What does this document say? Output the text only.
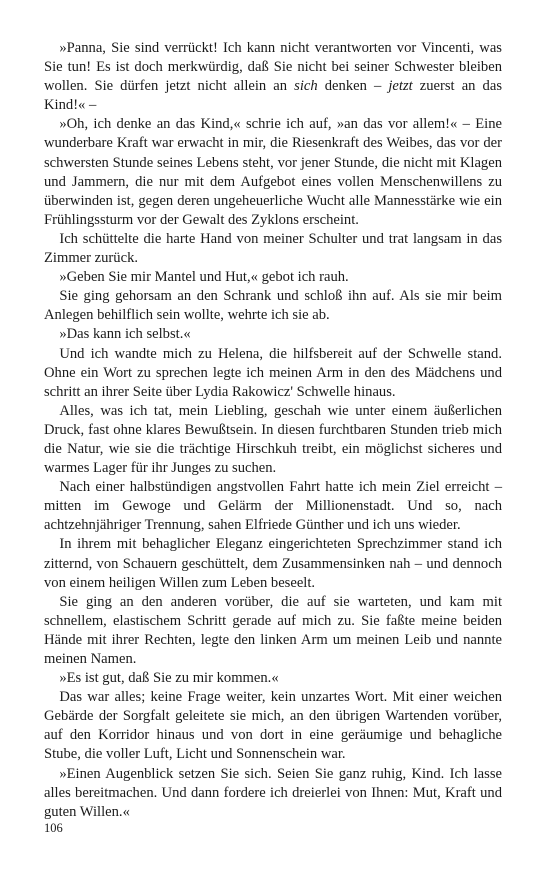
»Panna, Sie sind verrückt! Ich kann nicht verantworten vor Vincenti, was Sie tun! Es ist doch merkwürdig, daß Sie nicht bei seiner Schwester bleiben wollen. Sie dürfen jetzt nicht allein an sich denken – jetzt zuerst an das Kind!« –

»Oh, ich denke an das Kind,« schrie ich auf, »an das vor allem!« – Eine wunderbare Kraft war erwacht in mir, die Riesenkraft des Weibes, das vor der schwersten Stunde seines Lebens steht, vor jener Stunde, die nicht mit Klagen und Jammern, die nur mit dem Aufgebot eines vollen Menschenwillens zu überwinden ist, gegen deren ungeheuerliche Wucht alle Mannesstärke wie ein Frühlingssturm vor der Gewalt des Zyklons erscheint.

Ich schüttelte die harte Hand von meiner Schulter und trat langsam in das Zimmer zurück.

»Geben Sie mir Mantel und Hut,« gebot ich rauh.

Sie ging gehorsam an den Schrank und schloß ihn auf. Als sie mir beim Anlegen behilflich sein wollte, wehrte ich sie ab.

»Das kann ich selbst.«

Und ich wandte mich zu Helena, die hilfsbereit auf der Schwelle stand. Ohne ein Wort zu sprechen legte ich meinen Arm in den des Mädchens und schritt an ihrer Seite über Lydia Rakowicz' Schwelle hinaus.

Alles, was ich tat, mein Liebling, geschah wie unter einem äußerlichen Druck, fast ohne klares Bewußtsein. In diesen furchtbaren Stunden trieb mich die Natur, wie sie die trächtige Hirschkuh treibt, ein möglichst sicheres und warmes Lager für ihr Junges zu suchen.

Nach einer halbstündigen angstvollen Fahrt hatte ich mein Ziel erreicht – mitten im Gewoge und Gelärm der Millionenstadt. Und so, nach achtzehnjähriger Trennung, sahen Elfriede Günther und ich uns wieder.

In ihrem mit behaglicher Eleganz eingerichteten Sprechzimmer stand ich zitternd, von Schauern geschüttelt, dem Zusammensinken nah – und dennoch von einem heiligen Willen zum Leben beseelt.

Sie ging an den anderen vorüber, die auf sie warteten, und kam mit schnellem, elastischem Schritt gerade auf mich zu. Sie faßte meine beiden Hände mit ihrer Rechten, legte den linken Arm um meinen Leib und nannte meinen Namen.

»Es ist gut, daß Sie zu mir kommen.«

Das war alles; keine Frage weiter, kein unzartes Wort. Mit einer weichen Gebärde der Sorgfalt geleitete sie mich, an den übrigen Wartenden vorüber, auf den Korridor hinaus und von dort in eine geräumige und behagliche Stube, die voller Luft, Licht und Sonnenschein war.

»Einen Augenblick setzen Sie sich. Seien Sie ganz ruhig, Kind. Ich lasse alles bereitmachen. Und dann fordere ich dreierlei von Ihnen: Mut, Kraft und guten Willen.«

106
